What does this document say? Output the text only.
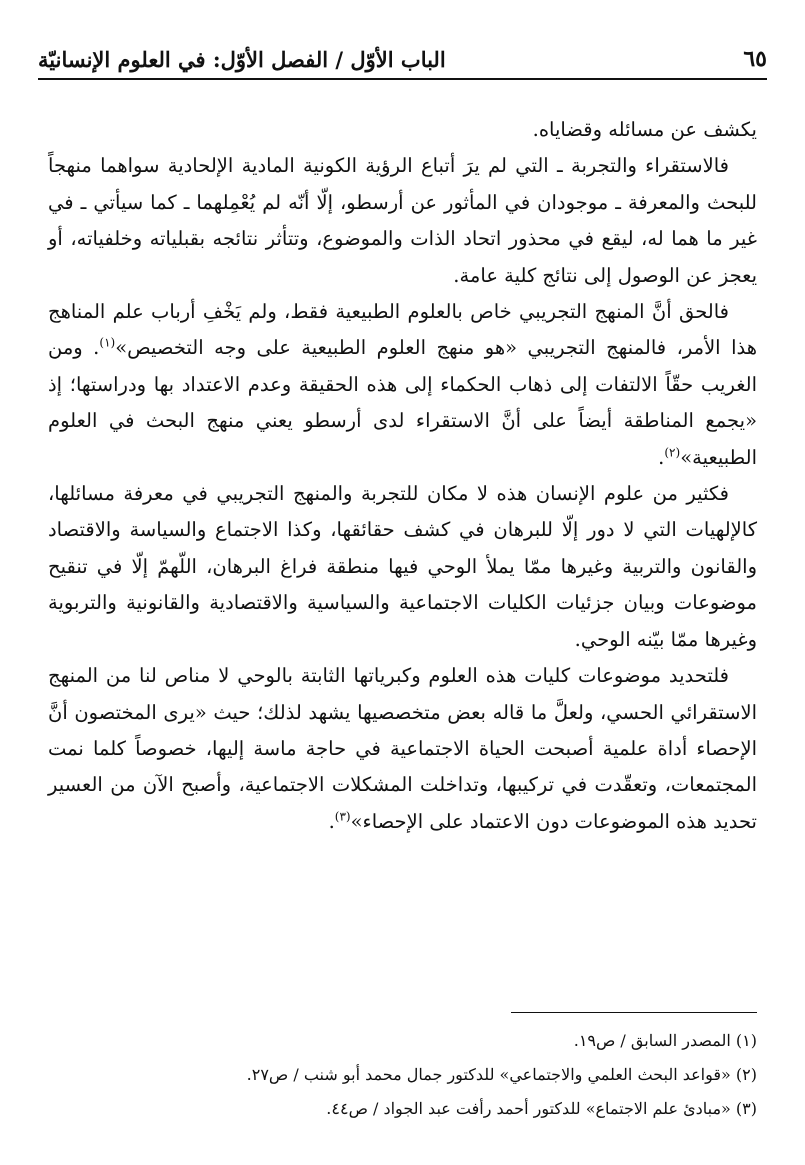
الباب الأوّل / الفصل الأوّل: في العلوم الإنسانيّة	٦٥

يكشف عن مسائله وقضاياه.

فالاستقراء والتجربة ـ التي لم يرَ أتباع الرؤية الكونية المادية الإلحادية سواهما منهجاً للبحث والمعرفة ـ موجودان في المأثور عن أرسطو، إلّا أنّه لم يُعْمِلهما ـ كما سيأتي ـ في غير ما هما له، ليقع في محذور اتحاد الذات والموضوع، وتتأثر نتائجه بقبلياته وخلفياته، أو يعجز عن الوصول إلى نتائج كلية عامة.

فالحق أنَّ المنهج التجريبي خاص بالعلوم الطبيعية فقط، ولم يَخْفِ أرباب علم المناهج هذا الأمر، فالمنهج التجريبي «هو منهج العلوم الطبيعية على وجه التخصيص»$^{(١)}$. ومن الغريب حقّاً الالتفات إلى ذهاب الحكماء إلى هذه الحقيقة وعدم الاعتداد بها ودراستها؛ إذ «يجمع المناطقة أيضاً على أنَّ الاستقراء لدى أرسطو يعني منهج البحث في العلوم الطبيعية»$^{(٢)}$.

فكثير من علوم الإنسان هذه لا مكان للتجربة والمنهج التجريبي في معرفة مسائلها، كالإلهيات التي لا دور إلّا للبرهان في كشف حقائقها، وكذا الاجتماع والسياسة والاقتصاد والقانون والتربية وغيرها ممّا يملأ الوحي فيها منطقة فراغ البرهان، اللّهمّ إلّا في تنقيح موضوعات وبيان جزئيات الكليات الاجتماعية والسياسية والاقتصادية والقانونية والتربوية وغيرها ممّا بيّنه الوحي.

فلتحديد موضوعات كليات هذه العلوم وكبرياتها الثابتة بالوحي لا مناص لنا من المنهج الاستقرائي الحسي، ولعلَّ ما قاله بعض متخصصيها يشهد لذلك؛ حيث «يرى المختصون أنَّ الإحصاء أداة علمية أصبحت الحياة الاجتماعية في حاجة ماسة إليها، خصوصاً كلما نمت المجتمعات، وتعقّدت في تركيبها، وتداخلت المشكلات الاجتماعية، وأصبح الآن من العسير تحديد هذه الموضوعات دون الاعتماد على الإحصاء»$^{(٣)}$.

(١) المصدر السابق / ص١٩.

(٢) «قواعد البحث العلمي والاجتماعي» للدكتور جمال محمد أبو شنب / ص٢٧.

(٣) «مبادئ علم الاجتماع» للدكتور أحمد رأفت عبد الجواد / ص٤٤.
